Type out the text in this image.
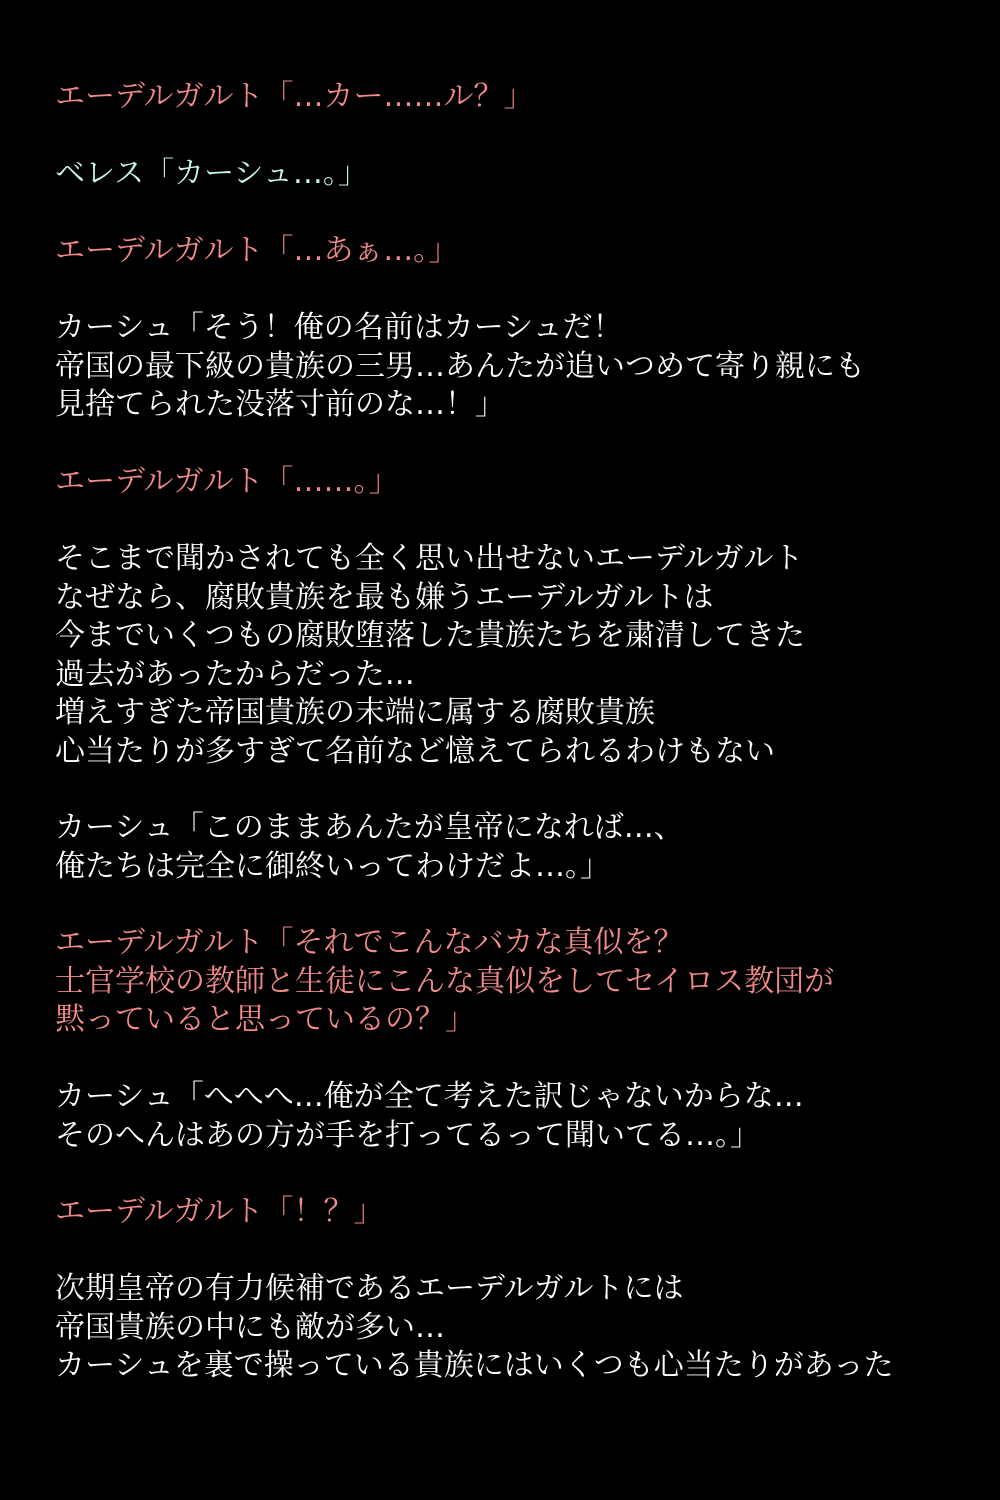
エーデルガルト「…カー……ル？」
ベレス「カーシュ…。」
エーデルガルト「…あぁ…。」
カーシュ「そう！俺の名前はカーシュだ！
帝国の最下級の貴族の三男…あんたが追いつめて寄り親にも
見捨てられた没落寸前のな…！」
エーデルガルト「……。」
そこまで聞かされても全く思い出せないエーデルガルト
なぜなら、腐敗貴族を最も嫌うエーデルガルトは
今までいくつもの腐敗堕落した貴族たちを粛清してきた
過去があったからだった…
増えすぎた帝国貴族の末端に属する腐敗貴族
心当たりが多すぎて名前など憶えてられるわけもない
カーシュ「このままあんたが皇帝になれば…、
俺たちは完全に御終いってわけだよ…。」
エーデルガルト「それでこんなバカな真似を？
士官学校の教師と生徒にこんな真似をしてセイロス教団が
黙っていると思っているの？」
カーシュ「へへへ…俺が全て考えた訳じゃないからな…
そのへんはあの方が手を打ってるって聞いてる…。」
エーデルガルト「！？」
次期皇帝の有力候補であるエーデルガルトには
帝国貴族の中にも敵が多い…
カーシュを裏で操っている貴族にはいくつも心当たりがあった
